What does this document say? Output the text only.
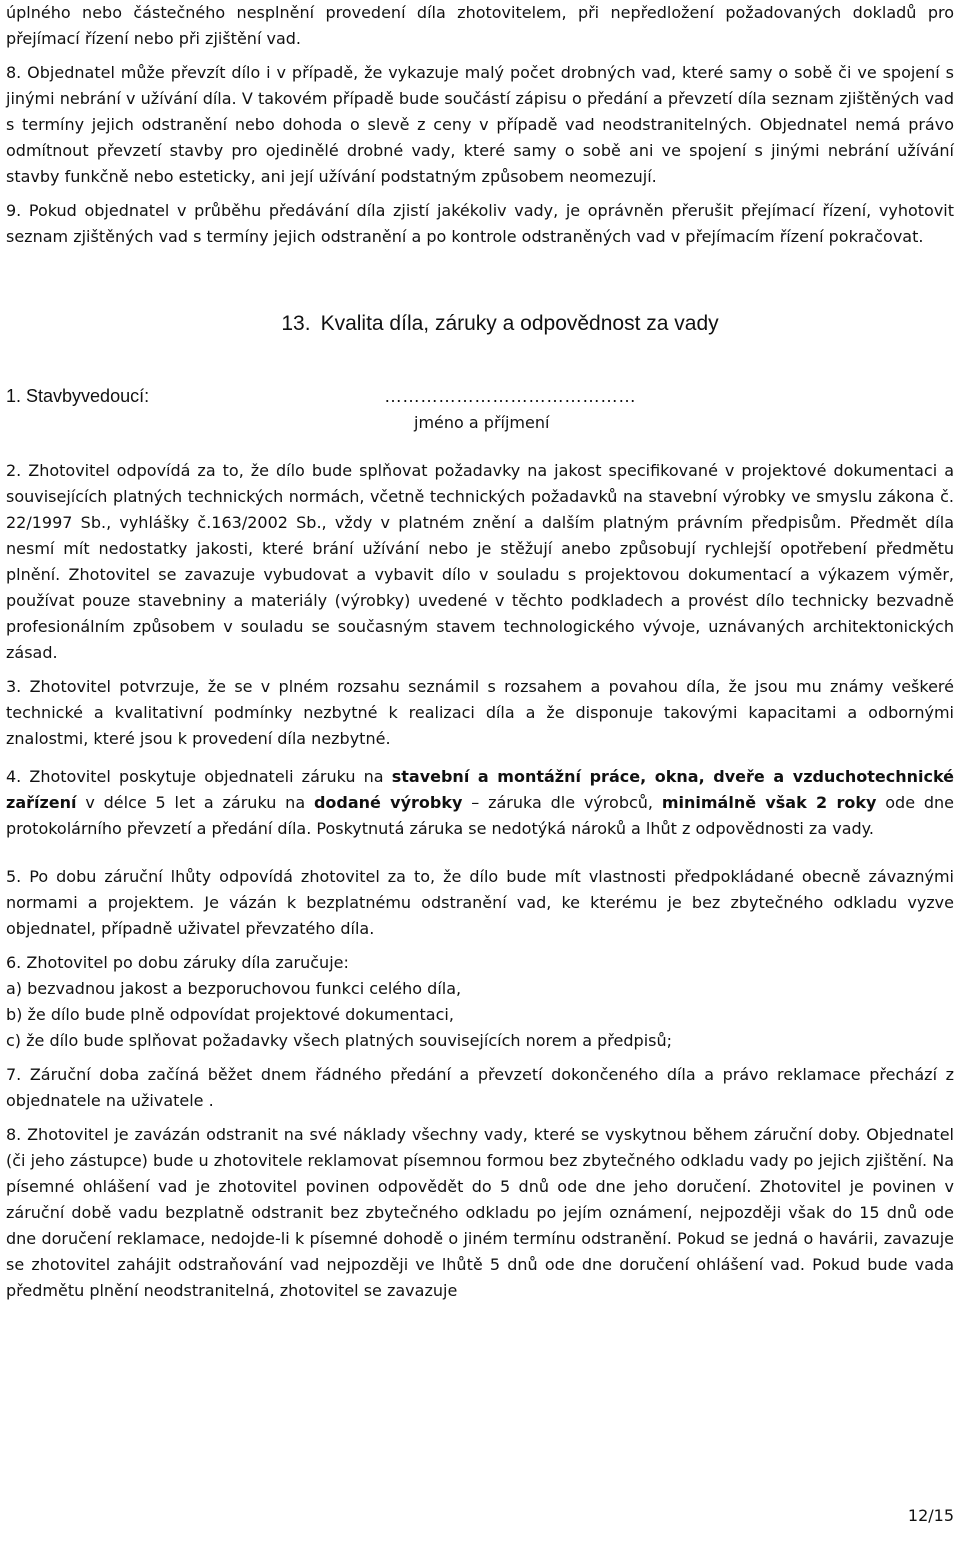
úplného nebo částečného nesplnění provedení díla zhotovitelem, při nepředložení požadovaných dokladů pro přejímací řízení nebo při zjištění vad.

8. Objednatel může převzít dílo i v případě, že vykazuje malý počet drobných vad, které samy o sobě či ve spojení s jinými nebrání v užívání díla. V takovém případě bude součástí zápisu o předání a převzetí díla seznam zjištěných vad s termíny jejich odstranění nebo dohoda o slevě z ceny v případě vad neodstranitelných. Objednatel nemá právo odmítnout převzetí stavby pro ojedinělé drobné vady, které samy o sobě ani ve spojení s jinými nebrání užívání stavby funkčně nebo esteticky, ani její užívání podstatným způsobem neomezují.

9. Pokud objednatel v průběhu předávání díla zjistí jakékoliv vady, je oprávněn přerušit přejímací řízení, vyhotovit seznam zjištěných vad s termíny jejich odstranění a po kontrole odstraněných vad v přejímacím řízení pokračovat.

13. Kvalita díla, záruky a odpovědnost za vady
1. Stavbyvedoucí:	……………………………………
jméno a příjmení

2. Zhotovitel odpovídá za to, že dílo bude splňovat požadavky na jakost specifikované v projektové dokumentaci a souvisejících platných technických normách, včetně technických požadavků na stavební výrobky ve smyslu zákona č. 22/1997 Sb., vyhlášky č.163/2002 Sb., vždy v platném znění a dalším platným právním předpisům. Předmět díla nesmí mít nedostatky jakosti, které brání užívání nebo je stěžují anebo způsobují rychlejší opotřebení předmětu plnění. Zhotovitel se zavazuje vybudovat a vybavit dílo v souladu s projektovou dokumentací a výkazem výměr, používat pouze stavebniny a materiály (výrobky) uvedené v těchto podkladech a provést dílo technicky bezvadně profesionálním způsobem v souladu se současným stavem technologického vývoje, uznávaných architektonických zásad.

3. Zhotovitel potvrzuje, že se v plném rozsahu seznámil s rozsahem a povahou díla, že jsou mu známy veškeré technické a kvalitativní podmínky nezbytné k realizaci díla a že disponuje takovými kapacitami a odbornými znalostmi, které jsou k provedení díla nezbytné.

4. Zhotovitel poskytuje objednateli záruku na stavební a montážní práce, okna, dveře a vzduchotechnické zařízení v délce 5 let a záruku na dodané výrobky – záruka dle výrobců, minimálně však 2 roky ode dne protokolárního převzetí a předání díla. Poskytnutá záruka se nedotýká nároků a lhůt z odpovědnosti za vady.

5. Po dobu záruční lhůty odpovídá zhotovitel za to, že dílo bude mít vlastnosti předpokládané obecně závaznými normami a projektem. Je vázán k bezplatnému odstranění vad, ke kterému je bez zbytečného odkladu vyzve objednatel, případně uživatel převzatého díla.

6. Zhotovitel po dobu záruky díla zaručuje:

a) bezvadnou jakost a bezporuchovou funkci celého díla,

b) že dílo bude plně odpovídat projektové dokumentaci,

c) že dílo bude splňovat požadavky všech platných souvisejících norem a předpisů;

7. Záruční doba začíná běžet dnem řádného předání a převzetí dokončeného díla a právo reklamace přechází z objednatele na uživatele .

8. Zhotovitel je zavázán odstranit na své náklady všechny vady, které se vyskytnou během záruční doby. Objednatel (či jeho zástupce) bude u zhotovitele reklamovat písemnou formou bez zbytečného odkladu vady po jejich zjištění. Na písemné ohlášení vad je zhotovitel povinen odpovědět do 5 dnů ode dne jeho doručení. Zhotovitel je povinen v záruční době vadu bezplatně odstranit bez zbytečného odkladu po jejím oznámení, nejpozději však do 15 dnů ode dne doručení reklamace, nedojde-li k písemné dohodě o jiném termínu odstranění. Pokud se jedná o havárii, zavazuje se zhotovitel zahájit odstraňování vad nejpozději ve lhůtě 5 dnů ode dne doručení ohlášení vad. Pokud bude vada předmětu plnění neodstranitelná, zhotovitel se zavazuje

12/15
